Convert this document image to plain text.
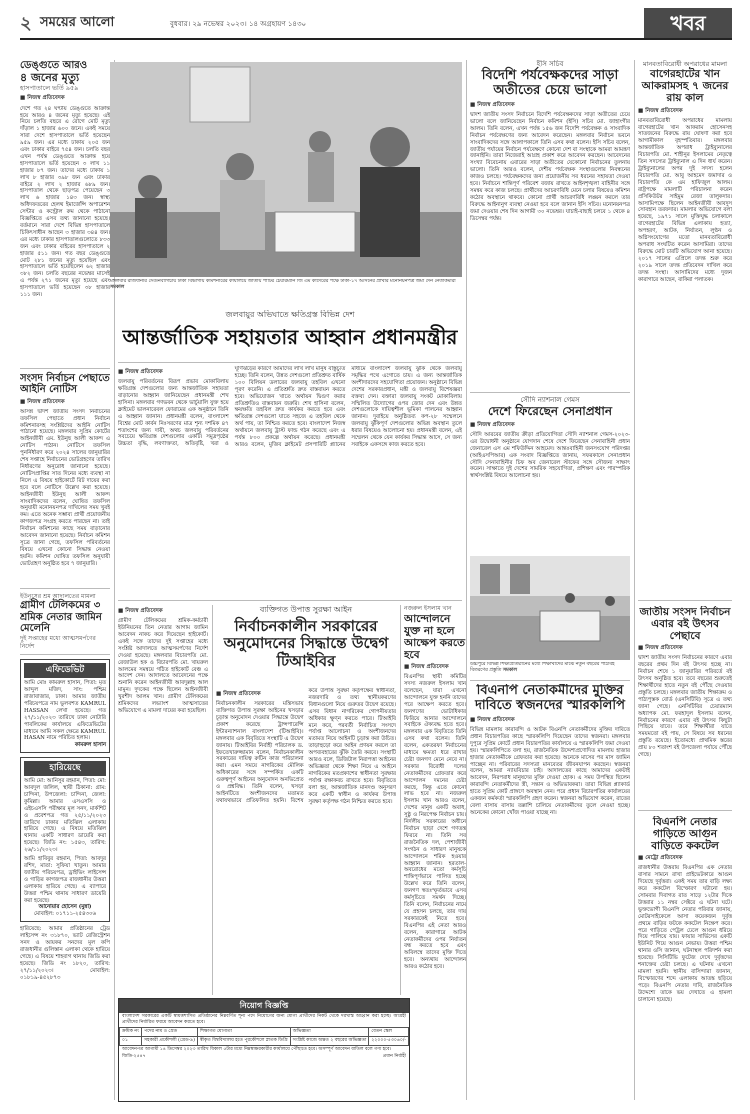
২ সময়ের আলো	বুধবার। ২৯ নভেম্বর ২০২৩। ১৪ অগ্রহায়ণ ১৪৩০	খবর
ডেঙ্গুতে আরও
৪ জনের মৃত্যু
হাসপাতালে ভর্তি ৯৫৯
■ নিজস্ব প্রতিবেদক
দেশে গত ২৪ ঘণ্টায় ডেঙ্গুতে আক্রান্ত হয়ে আরও ৪ জনের মৃত্যু হয়েছে। এই নিয়ে চলতি বছরে এ রোগে মোট মৃত্যু দাঁড়াল ১ হাজার ৬০০ জনে। একই সময়ে সারা দেশে হাসপাতালে ভর্তি হয়েছেন ৯৫৯ জন। এর মধ্যে ঢাকায় ২০৫ জন এবং ঢাকার বাইরে ৭৫৪ জন। চলতি বছর এখন পর্যন্ত ডেঙ্গুতে আক্রান্ত হয়ে হাসপাতালে ভর্তি হয়েছেন ৩ লাখ ১১ হাজার ৮৭ জন। তাদের মধ্যে ঢাকায় ১ লাখ ৮ হাজার ৩৯৮ জন এবং ঢাকার বাইরে ২ লাখ ২ হাজার ৬৮৯ জন। হাসপাতাল থেকে ছাড়পত্র পেয়েছেন ৩ লাখ ৬ হাজার ১৪৩ জন। স্বাস্থ্য অধিদফতরের হেলথ ইমার্জেন্সি অপারেশন সেন্টার ও কন্ট্রোল রুম থেকে পাঠানো বিজ্ঞপ্তিতে এসব তথ্য জানানো হয়েছে। বর্তমানে সারা দেশে বিভিন্ন হাসপাতালে চিকিৎসাধীন আছেন ৩ হাজার ৩৪৪ জন। এর মধ্যে ঢাকার হাসপাতালগুলোতে ৮৩৩ জন এবং ঢাকার বাইরের হাসপাতালে ২ হাজার ৫১১ জন। গত বছর ডেঙ্গুতে মোট ২৮১ জনের মৃত্যু হয়েছিল এবং হাসপাতালে ভর্তি হয়েছিলেন ৬২ হাজার ৩৮২ জন। চলতি বছরের নভেম্বর মাসেই এ পর্যন্ত ২৭১ জনের মৃত্যু হয়েছে এবং হাসপাতালে ভর্তি হয়েছেন ৩৮ হাজার ১১১ জন।
সংসদ নির্বাচন পেছাতে আইনি নোটিস
■ নিজস্ব প্রতিবেদক
আসন্ন দ্বাদশ জাতীয় সংসদ নির্বাচনের তফসিল পেছাতে প্রধান নির্বাচন কমিশনারসহ সংশ্লিষ্টদের আইনি নোটিস পাঠানো হয়েছে। মঙ্গলবার সুপ্রিম কোর্টের আইনজীবী এম. ইউনুছ আলী আকন্দ এ নোটিস পাঠান। নোটিসে তফসিল পুনর্নির্ধারণ করে ২০২৪ সালের জানুয়ারির শেষ সপ্তাহে নির্বাচনের ভোটগ্রহণের তারিখ নির্ধারণের অনুরোধ জানানো হয়েছে। নোটিসপ্রাপ্তির সাত দিনের মধ্যে ব্যবস্থা না নিলে এ বিষয়ে হাইকোর্টে রিট দায়ের করা হবে বলে নোটিসে উল্লেখ করা হয়েছে। আইনজীবী ইউনুছ আলী আকন্দ সাংবাদিকদের বলেন, ঘোষিত তফসিল অনুযায়ী মনোনয়নপত্র দাখিলের সময় খুবই কম। এতে অনেক সম্ভাব্য প্রার্থী প্রয়োজনীয় কাগজপত্র সংগ্রহ করতে পারছেন না। তাই নির্বাচন কমিশনের কাছে সময় বাড়ানোর আবেদন জানানো হয়েছে। নির্বাচন কমিশন সূত্রে জানা গেছে, তফসিল পরিবর্তনের বিষয়ে এখনো কোনো সিদ্ধান্ত নেওয়া হয়নি। কমিশন ঘোষিত তফসিল অনুযায়ী ভোটগ্রহণ অনুষ্ঠিত হবে ৭ জানুয়ারি।
ইউনূসের শ্রম আদালতের মামলা
গ্রামীণ টেলিকমের ৩ শ্রমিক নেতার জামিন মেলেনি
দুই সপ্তাহের মধ্যে আত্মসমর্পণের নির্দেশ
এফিডেভিট
আমি মোঃ কামরুল হাসান, পিতা: মৃত আব্দুল মজিদ, সাং: পশ্চিম রাজাবাজার, ঢাকা। আমার জাতীয় পরিচয়পত্রে নাম ভুলবশত KAMRUL HASSAN লেখা হয়েছে। গত ২৭/১১/২০২৩ তারিখে ঢাকা নোটারি পাবলিকের কার্যালয়ে এফিডেভিটের মাধ্যমে আমি সকল ক্ষেত্রে KAMRUL HASAN নামে পরিচিত হলাম।
কামরুল হাসান
হারিয়েছে
আমি মো: আনিসুর রহমান, পিতা: মো: আবদুল জলিল, স্থায়ী ঠিকানা: গ্রাম: চান্দিনা, উপজেলা: চান্দিনা, জেলা: কুমিল্লা। আমার এসএসসি ও এইচএসসি পরীক্ষার মূল সনদ, মার্কশিট ও প্রবেশপত্র গত ২৫/১১/২০২৩ তারিখে ঢাকার মতিঝিল এলাকায় হারিয়ে গেছে। এ বিষয়ে মতিঝিল থানায় একটি সাধারণ ডায়েরি করা হয়েছে। জিডি নং: ১৫৪৩, তারিখ: ২৬/১১/২০২৩।
আমি হাবিবুর রহমান, পিতা: আবদুর রশিদ, মাতা: সুফিয়া খাতুন। আমার জাতীয় পরিচয়পত্র, ড্রাইভিং লাইসেন্স ও গাড়ির কাগজপত্র রাজধানীর উত্তরা এলাকায় হারিয়ে গেছে। এ ব্যাপারে উত্তরা পশ্চিম থানায় সাধারণ ডায়েরি করা হয়েছে।
আনোয়ার হোসেন (মুন্না)
মোবাইল: ০১৭১১-২৫৪৩০৬
হারিয়েছে: আমার প্রতিষ্ঠানের ট্রেড লাইসেন্স নং ৩১৮৭০, ভ্যাট রেজিস্ট্রেশন সনদ ও আয়কর সনদের মূল কপি রাজধানীর গুলিস্তান এলাকা থেকে হারিয়ে গেছে। এ বিষয়ে শাহবাগ থানায় জিডি করা হয়েছে। জিডি নং ১৮২০, তারিখ: ২৭/১১/২০২৩। মোবাইল: ০১৮১৯-৪৫২৮৭৩
মঙ্গলবার রাজধানীর সেগুনবাগিচায় ঢাকা বিভাগীয় কমিশনারের কার্যালয়ে জাতীয় পার্টির চেয়ারম্যান জি এম কাদেরের পক্ষে ঢাকা-১৭ আসনের প্রার্থীর মনোনয়নপত্র জমা দেন নেতাকর্মীরা সমকাল
জলবায়ুর অভিঘাতে ক্ষতিগ্রস্ত বিভিন্ন দেশ
আন্তর্জাতিক সহায়তার আহ্বান প্রধানমন্ত্রীর
■ নিজস্ব প্রতিবেদক
জলবায়ু পরিবর্তনের বিরূপ প্রভাব মোকাবিলায় ক্ষতিগ্রস্ত দেশগুলোর জন্য আন্তর্জাতিক সহায়তা বাড়ানোর আহ্বান জানিয়েছেন প্রধানমন্ত্রী শেখ হাসিনা। মঙ্গলবার গণভবন থেকে ভার্চুয়ালি যুক্ত হয়ে ক্লাইমেট ভালনারেবল ফোরামের এক অনুষ্ঠানে তিনি এ আহ্বান জানান। প্রধানমন্ত্রী বলেন, বাংলাদেশ বিশ্বের মোট কার্বন নিঃসরণের মাত্র শূন্য দশমিক ৪৭ শতাংশের জন্য দায়ী, অথচ জলবায়ু পরিবর্তনের সবচেয়ে ক্ষতিগ্রস্ত দেশগুলোর একটি। সমুদ্রপৃষ্ঠের উচ্চতা বৃদ্ধি, লবণাক্ততা, অতিবৃষ্টি, খরা ও ঘূর্ণিঝড়ের কারণে আমাদের লাখ লাখ মানুষ বাস্তুচ্যুত হচ্ছে। তিনি বলেন, উন্নত দেশগুলো প্রতিশ্রুত বার্ষিক ১০০ বিলিয়ন ডলারের জলবায়ু তহবিল এখনো পূরণ করেনি। এ প্রতিশ্রুতি দ্রুত বাস্তবায়ন করতে হবে। অভিযোজন খাতে অর্থায়ন দ্বিগুণ করার প্রতিশ্রুতিও বাস্তবায়ন জরুরি। শেখ হাসিনা বলেন, ক্ষয়ক্ষতি তহবিল দ্রুত কার্যকর করতে হবে এবং ক্ষতিগ্রস্ত দেশগুলো যাতে সহজে এ তহবিল থেকে অর্থ পায়, তা নিশ্চিত করতে হবে। বাংলাদেশ নিজস্ব অর্থায়নে জলবায়ু ট্রাস্ট ফান্ড গঠন করেছে এবং এ পর্যন্ত ৮০০ প্রকল্পে অর্থায়ন করেছে। প্রধানমন্ত্রী আরও বলেন, মুজিব ক্লাইমেট প্রসপারিটি প্ল্যানের মাধ্যমে বাংলাদেশ জলবায়ু ঝুঁকি থেকে জলবায়ু সমৃদ্ধির পথে এগোতে চায়। এ জন্য আন্তর্জাতিক অংশীদারদের সহযোগিতা প্রয়োজন। অনুষ্ঠানে বিভিন্ন দেশের সরকারপ্রধান, মন্ত্রী ও জলবায়ু বিশেষজ্ঞরা বক্তব্য দেন। বক্তারা জলবায়ু সংকট মোকাবিলায় সম্মিলিত উদ্যোগের ওপর জোর দেন এবং উন্নত দেশগুলোকে দায়িত্বশীল ভূমিকা পালনের আহ্বান জানান। দুবাইয়ে অনুষ্ঠিতব্য কপ-২৮ সম্মেলনে জলবায়ু ঝুঁকিপূর্ণ দেশগুলোর অভিন্ন অবস্থান তুলে ধরার বিষয়েও আলোচনা হয়। প্রধানমন্ত্রী বলেন, এই সম্মেলন থেকে যেন কার্যকর সিদ্ধান্ত আসে, সে জন্য সবাইকে একসঙ্গে কাজ করতে হবে।
■ নিজস্ব প্রতিবেদক
গ্রামীণ টেলিকমের শ্রমিক-কর্মচারী ইউনিয়নের তিন নেতার আগাম জামিন আবেদন নাকচ করে দিয়েছেন হাইকোর্ট। একই সঙ্গে তাদের দুই সপ্তাহের মধ্যে সংশ্লিষ্ট আদালতে আত্মসমর্পণের নির্দেশ দেওয়া হয়েছে। মঙ্গলবার বিচারপতি মো. রেজাউল হক ও বিচারপতি মো. খায়রুল আলমের সমন্বয়ে গঠিত হাইকোর্ট বেঞ্চ এ আদেশ দেন। আদালতে আবেদনের পক্ষে শুনানি করেন আইনজীবী আবদুল্লাহ আল মামুন। দুদকের পক্ষে ছিলেন আইনজীবী খুরশীদ আলম খান। গ্রামীণ টেলিকমের শ্রমিকদের লভ্যাংশ আত্মসাতের অভিযোগে এ মামলা দায়ের করা হয়েছিল।
ব্যক্তিগত উপাত্ত সুরক্ষা আইন
নির্বাচনকালীন সরকারের অনুমোদনের সিদ্ধান্তে উদ্বেগ টিআইবির
■ নিজস্ব প্রতিবেদক
নির্বাচনকালীন সরকারের মন্ত্রিসভায় ব্যক্তিগত উপাত্ত সুরক্ষা আইনের খসড়ার চূড়ান্ত অনুমোদন দেওয়ার সিদ্ধান্তে উদ্বেগ প্রকাশ করেছে ট্রান্সপারেন্সি ইন্টারন্যাশনাল বাংলাদেশ (টিআইবি)। মঙ্গলবার এক বিবৃতিতে সংস্থাটি এ উদ্বেগ জানায়। টিআইবির নির্বাহী পরিচালক ড. ইফতেখারুজ্জামান বলেন, নির্বাচনকালীন সরকারের দায়িত্ব রুটিন কাজ পরিচালনা করা। এমন সময়ে নাগরিকের মৌলিক অধিকারের সঙ্গে সম্পর্কিত একটি গুরুত্বপূর্ণ আইনের অনুমোদন অনভিপ্রেত ও প্রশ্নবিদ্ধ। তিনি বলেন, খসড়া আইনটিতে অংশীজনদের মতামত যথাযথভাবে প্রতিফলিত হয়নি। বিশেষ করে উপাত্ত সুরক্ষা কর্তৃপক্ষের স্বাধীনতা, নজরদারি ও তথ্য স্থানীয়করণের বিধানগুলো নিয়ে গুরুতর উদ্বেগ রয়েছে। এসব বিধান নাগরিকের গোপনীয়তার অধিকার ক্ষুণ্ন করতে পারে। টিআইবি মনে করে, পরবর্তী নির্বাচিত সংসদে পর্যাপ্ত আলোচনা ও অংশীজনদের মতামত নিয়ে আইনটি চূড়ান্ত করা উচিত। তাড়াহুড়ো করে আইন প্রণয়ন করলে তা অপব্যবহারের ঝুঁকি তৈরি করবে। সংস্থাটি আরও বলে, ডিজিটাল নিরাপত্তা আইনের অভিজ্ঞতা থেকে শিক্ষা নিয়ে এ আইনে নাগরিকের মতপ্রকাশের স্বাধীনতা সুরক্ষার পর্যাপ্ত রক্ষাকবচ রাখতে হবে। বিবৃতিতে বলা হয়, আন্তর্জাতিক মানদণ্ড অনুসরণ করে একটি স্বাধীন ও কার্যকর উপাত্ত সুরক্ষা কর্তৃপক্ষ গঠন নিশ্চিত করতে হবে।
নজরুল ইসলাম খান
আন্দোলনে যুক্ত না হলে আক্ষেপ করতে হবে
■ নিজস্ব প্রতিবেদক
বিএনপির স্থায়ী কমিটির সদস্য নজরুল ইসলাম খান বলেছেন, যারা এখনো আন্দোলনে যুক্ত হননি তাদের পরে আক্ষেপ করতে হবে। জনগণের ভোটাধিকার ফিরিয়ে আনার আন্দোলনে সবাইকে ঐক্যবদ্ধ হতে হবে। মঙ্গলবার এক বিবৃতিতে তিনি এসব কথা বলেন। তিনি বলেন, একতরফা নির্বাচনের মাধ্যমে ক্ষমতা ধরে রাখার চেষ্টা জনগণ মেনে নেবে না। সরকার বিরোধী দলের নেতাকর্মীদের গ্রেফতার করে আন্দোলন দমনের চেষ্টা করছে, কিন্তু এতে কোনো লাভ হবে না। নজরুল ইসলাম খান আরও বলেন, দেশের মানুষ একটি অবাধ, সুষ্ঠু ও নিরপেক্ষ নির্বাচন চায়। নির্দলীয় সরকারের অধীনে নির্বাচন ছাড়া দেশে গণতন্ত্র ফিরবে না। তিনি সব রাজনৈতিক দল, পেশাজীবী সংগঠন ও সাধারণ মানুষকে আন্দোলনে শরিক হওয়ার আহ্বান জানান। হরতাল-অবরোধের মতো কর্মসূচি শান্তিপূর্ণভাবে পালিত হচ্ছে উল্লেখ করে তিনি বলেন, জনগণ স্বতঃস্ফূর্তভাবে এসব কর্মসূচিতে সমর্থন দিচ্ছে। তিনি বলেন, নির্বাচনের নামে যে প্রহসন চলছে, তার দায় সরকারকেই নিতে হবে। বিএনপির এই নেতা আরও বলেন, কারাগারে আটক নেতাকর্মীদের ওপর নির্যাতন বন্ধ করতে হবে এবং অবিলম্বে তাদের মুক্তি দিতে হবে। অন্যথায় আন্দোলন আরও কঠোর হবে।
নিয়োগ বিজ্ঞপ্তি
বাংলাদেশ সরকারের একটি স্বায়ত্তশাসিত প্রতিষ্ঠানের নিম্নবর্ণিত শূন্য পদে নিয়োগের জন্য যোগ্য প্রার্থীদের নিকট থেকে দরখাস্ত আহ্বান করা হচ্ছে। আগ্রহী প্রার্থীদের নির্ধারিত ফরমে আবেদন করতে হবে।
ক্রমিক নং	পদের নাম ও গ্রেড	শিক্ষাগত যোগ্যতা	অভিজ্ঞতা	বেতন স্কেল
০১	সহকারী প্রকৌশলী (গ্রেড-৯)	স্বীকৃত বিশ্ববিদ্যালয় হতে পুরকৌশলে স্নাতক ডিগ্রি	সংশ্লিষ্ট কাজে অন্তত ২ বছরের অভিজ্ঞতা	২২০০০-৫৩০৬০/-
আবেদনপত্র আগামী ১৪ ডিসেম্বর ২০২৩ তারিখ বিকাল ৫টার মধ্যে নিম্নস্বাক্ষরকারীর কার্যালয়ে পৌঁছাতে হবে। অসম্পূর্ণ আবেদন বাতিল বলে গণ্য হবে।
জিডি-২৫৪৭	প্রধান নির্বাহী
ইসি সচিব
বিদেশি পর্যবেক্ষকদের সাড়া অতীতের চেয়ে ভালো
■ নিজস্ব প্রতিবেদক
দ্বাদশ জাতীয় সংসদ নির্বাচনে বিদেশি পর্যবেক্ষকদের সাড়া অতীতের চেয়ে ভালো বলে জানিয়েছেন নির্বাচন কমিশন (ইসি) সচিব মো. জাহাংগীর আলম। তিনি বলেন, এখন পর্যন্ত ১৫৬ জন বিদেশি পর্যবেক্ষক ও সাংবাদিক নির্বাচন পর্যবেক্ষণের জন্য আবেদন করেছেন। মঙ্গলবার নির্বাচন ভবনে সাংবাদিকদের সঙ্গে আলাপকালে তিনি এসব কথা বলেন। ইসি সচিব বলেন, জাতীয় পর্যায়ের নির্বাচন পর্যবেক্ষণে কোনো দেশ বা সংস্থাকে আমরা আমন্ত্রণ জানাইনি। তারা নিজেরাই আগ্রহ প্রকাশ করে আবেদন করছেন। আবেদনের সংখ্যা বিবেচনায় এবারের সাড়া অতীতের যেকোনো নির্বাচনের তুলনায় ভালো। তিনি আরও বলেন, দেশীয় পর্যবেক্ষক সংস্থাগুলোর নিবন্ধনের কাজও চলছে। পর্যবেক্ষকদের জন্য প্রয়োজনীয় সব ধরনের সহায়তা দেওয়া হবে। নির্বাচনে শান্তিপূর্ণ পরিবেশ বজায় রাখতে আইনশৃঙ্খলা বাহিনীর সঙ্গে সমন্বয় করে কাজ চলছে। প্রার্থীদের আচরণবিধি মেনে চলার বিষয়েও কমিশন কঠোর অবস্থানে থাকবে। কোনো প্রার্থী আচরণবিধি লঙ্ঘন করলে তার বিরুদ্ধে আইনানুগ ব্যবস্থা নেওয়া হবে বলে জানান ইসি সচিব। মনোনয়নপত্র জমা দেওয়ার শেষ দিন আগামী ৩০ নভেম্বর। যাচাই-বাছাই চলবে ১ থেকে ৪ ডিসেম্বর পর্যন্ত।
সৌদি ন্যাশনাল গেমস
দেশে ফিরেছেন সেনাপ্রধান
■ নিজস্ব প্রতিবেদক
সৌদি আরবের জাতীয় ক্রীড়া প্রতিযোগিতা সৌদি ন্যাশনাল গেমস-২০২৩-এর উদ্বোধনী অনুষ্ঠানে যোগদান শেষে দেশে ফিরেছেন সেনাবাহিনী প্রধান জেনারেল এস এম শফিউদ্দিন আহমেদ। আন্তঃবাহিনী জনসংযোগ পরিদপ্তর (আইএসপিআর) এক সংবাদ বিজ্ঞপ্তিতে জানায়, সফরকালে সেনাপ্রধান সৌদি সেনাবাহিনীর চিফ অব জেনারেল স্টাফের সঙ্গে সৌজন্য সাক্ষাৎ করেন। সাক্ষাতে দুই দেশের সামরিক সহযোগিতা, প্রশিক্ষণ এবং পারস্পরিক স্বার্থসংশ্লিষ্ট বিষয়ে আলোচনা হয়।
উচ্চপুরে বিভিন্ন শিক্ষাপ্রতিষ্ঠানের মধ্যে শিক্ষার্থীদের মাঝে নতুন বছরের পাঠ্যবই বিতরণের প্রস্তুতি সমকাল
বিএনপি নেতাকর্মীদের মুক্তির দাবিতে স্বজনদের স্মারকলিপি
■ নিজস্ব প্রতিবেদক
বিভিন্ন মামলায় কারাবন্দি ও আটক বিএনপি নেতাকর্মীদের মুক্তির দাবিতে প্রধান বিচারপতির কাছে স্মারকলিপি দিয়েছেন তাদের স্বজনরা। মঙ্গলবার দুপুরে সুপ্রিম কোর্টে প্রধান বিচারপতির কার্যালয়ে এ স্মারকলিপি জমা দেওয়া হয়। স্মারকলিপিতে বলা হয়, রাজনৈতিক উদ্দেশ্যপ্রণোদিত মামলায় হাজার হাজার নেতাকর্মীকে গ্রেফতার করা হয়েছে। অনেকে মাসের পর মাস জামিন পাচ্ছেন না। পরিবারের সদস্যরা মানবেতর জীবনযাপন করছেন। স্বজনরা বলেন, আমরা ন্যায়বিচার চাই। আদালতের কাছে আমাদের একটাই আবেদন, নিরপরাধ মানুষদের মুক্তি দেওয়া হোক। এ সময় উপস্থিত ছিলেন কারাবন্দি নেতাকর্মীদের স্ত্রী, সন্তান ও অভিভাবকরা। তারা বিভিন্ন প্ল্যাকার্ড হাতে সুপ্রিম কোর্ট প্রাঙ্গণে অবস্থান নেন। পরে প্রধান বিচারপতির কার্যালয়ের একজন কর্মকর্তা স্মারকলিপি গ্রহণ করেন। স্বজনরা অভিযোগ করেন, রাতের বেলা বাসায় বাসায় তল্লাশি চালিয়ে নেতাকর্মীদের তুলে নেওয়া হচ্ছে। অনেকের কোনো খোঁজ পাওয়া যাচ্ছে না।
মানবতাবিরোধী অপরাধের মামলা
বাগেরহাটের খান আকরামসহ ৭ জনের রায় কাল
■ নিজস্ব প্রতিবেদক
মানবতাবিরোধী অপরাধের মামলায় বাগেরহাটের খান আকরাম হোসেনসহ সাতজনের বিরুদ্ধে রায় ঘোষণা করা হবে আগামীকাল বৃহস্পতিবার। মঙ্গলবার আন্তর্জাতিক অপরাধ ট্রাইব্যুনালের বিচারপতি মো. শাহীনুর ইসলামের নেতৃত্বে তিন সদস্যের ট্রাইব্যুনাল এ দিন ধার্য করেন। ট্রাইব্যুনালের অপর দুই সদস্য হলেন বিচারপতি মো. আবু আহমেদ জমাদার ও বিচারপতি কে এম হাফিজুল আলম। রাষ্ট্রপক্ষে মামলাটি পরিচালনা করেন প্রসিকিউটর সাইমুম রেজা তালুকদার। আসামিপক্ষে ছিলেন আইনজীবী আবদুস সোবহান তরফদার। মামলার অভিযোগে বলা হয়েছে, ১৯৭১ সালে মুক্তিযুদ্ধ চলাকালে বাগেরহাটের বিভিন্ন এলাকায় হত্যা, অপহরণ, আটক, নির্যাতন, লুণ্ঠন ও অগ্নিসংযোগের মতো মানবতাবিরোধী অপরাধ সংঘটিত করেন আসামিরা। তাদের বিরুদ্ধে মোট চারটি অভিযোগ আনা হয়েছে। ২০১৭ সালের এপ্রিলে তদন্ত শুরু করে ২০১৯ সালে তদন্ত প্রতিবেদন দাখিল করে তদন্ত সংস্থা। আসামিদের মধ্যে দুজন কারাগারে আছেন, বাকিরা পলাতক।
জাতীয় সংসদ নির্বাচন এবার বই উৎসব পেছাবে
■ নিজস্ব প্রতিবেদক
দ্বাদশ জাতীয় সংসদ নির্বাচনের কারণে এবার বছরের প্রথম দিন বই উৎসব হচ্ছে না। নির্বাচন শেষে ১ জানুয়ারির পরিবর্তে বই উৎসব অনুষ্ঠিত হবে। তবে বছরের শুরুতেই শিক্ষার্থীদের হাতে নতুন বই পৌঁছে দেওয়ার প্রস্তুতি চলছে। মঙ্গলবার জাতীয় শিক্ষাক্রম ও পাঠ্যপুস্তক বোর্ড (এনসিটিবি) সূত্রে এ তথ্য জানা গেছে। এনসিটিবির চেয়ারম্যান অধ্যাপক মো. ফরহাদুল ইসলাম বলেন, নির্বাচনের কারণে এবার বই উৎসব কিছুটা পিছিয়ে যাবে। তবে শিক্ষার্থীরা যাতে সময়মতো বই পায়, সে বিষয়ে সব ধরনের প্রস্তুতি রয়েছে। ইতোমধ্যে প্রাথমিক স্তরের প্রায় ৮০ শতাংশ বই উপজেলা পর্যায়ে পৌঁছে গেছে।
বিএনপি নেতার গাড়িতে আগুন বাড়িতে ককটেল
■ মেট্রো প্রতিবেদক
রাজধানীর উত্তরায় বিএনপির এক নেতার বাসার সামনে রাখা প্রাইভেটকারে আগুন দিয়েছে দুর্বৃত্তরা। একই সময় তার বাড়ি লক্ষ্য করে ককটেল বিস্ফোরণ ঘটানো হয়। সোমবার দিবাগত রাত সাড়ে ১২টার দিকে উত্তরার ১১ নম্বর সেক্টরে এ ঘটনা ঘটে। ভুক্তভোগী বিএনপি নেতার পরিবার জানায়, মোটরসাইকেলে আসা কয়েকজন দুর্বৃত্ত প্রথমে বাড়ির ফটকে ককটেল নিক্ষেপ করে। পরে গাড়িতে পেট্রল ঢেলে আগুন ধরিয়ে দিয়ে পালিয়ে যায়। ফায়ার সার্ভিসের একটি ইউনিট গিয়ে আগুন নেভায়। উত্তরা পশ্চিম থানার ওসি জানান, ঘটনাস্থল পরিদর্শন করা হয়েছে। সিসিটিভি ফুটেজ দেখে দুর্বৃত্তদের শনাক্তের চেষ্টা চলছে। এ ঘটনায় এখনো মামলা হয়নি। স্থানীয় বাসিন্দারা জানান, বিস্ফোরণের শব্দে এলাকায় আতঙ্ক ছড়িয়ে পড়ে। বিএনপি নেতার দাবি, রাজনৈতিক উদ্দেশ্যে তাকে ভয় দেখাতে এ হামলা চালানো হয়েছে।
